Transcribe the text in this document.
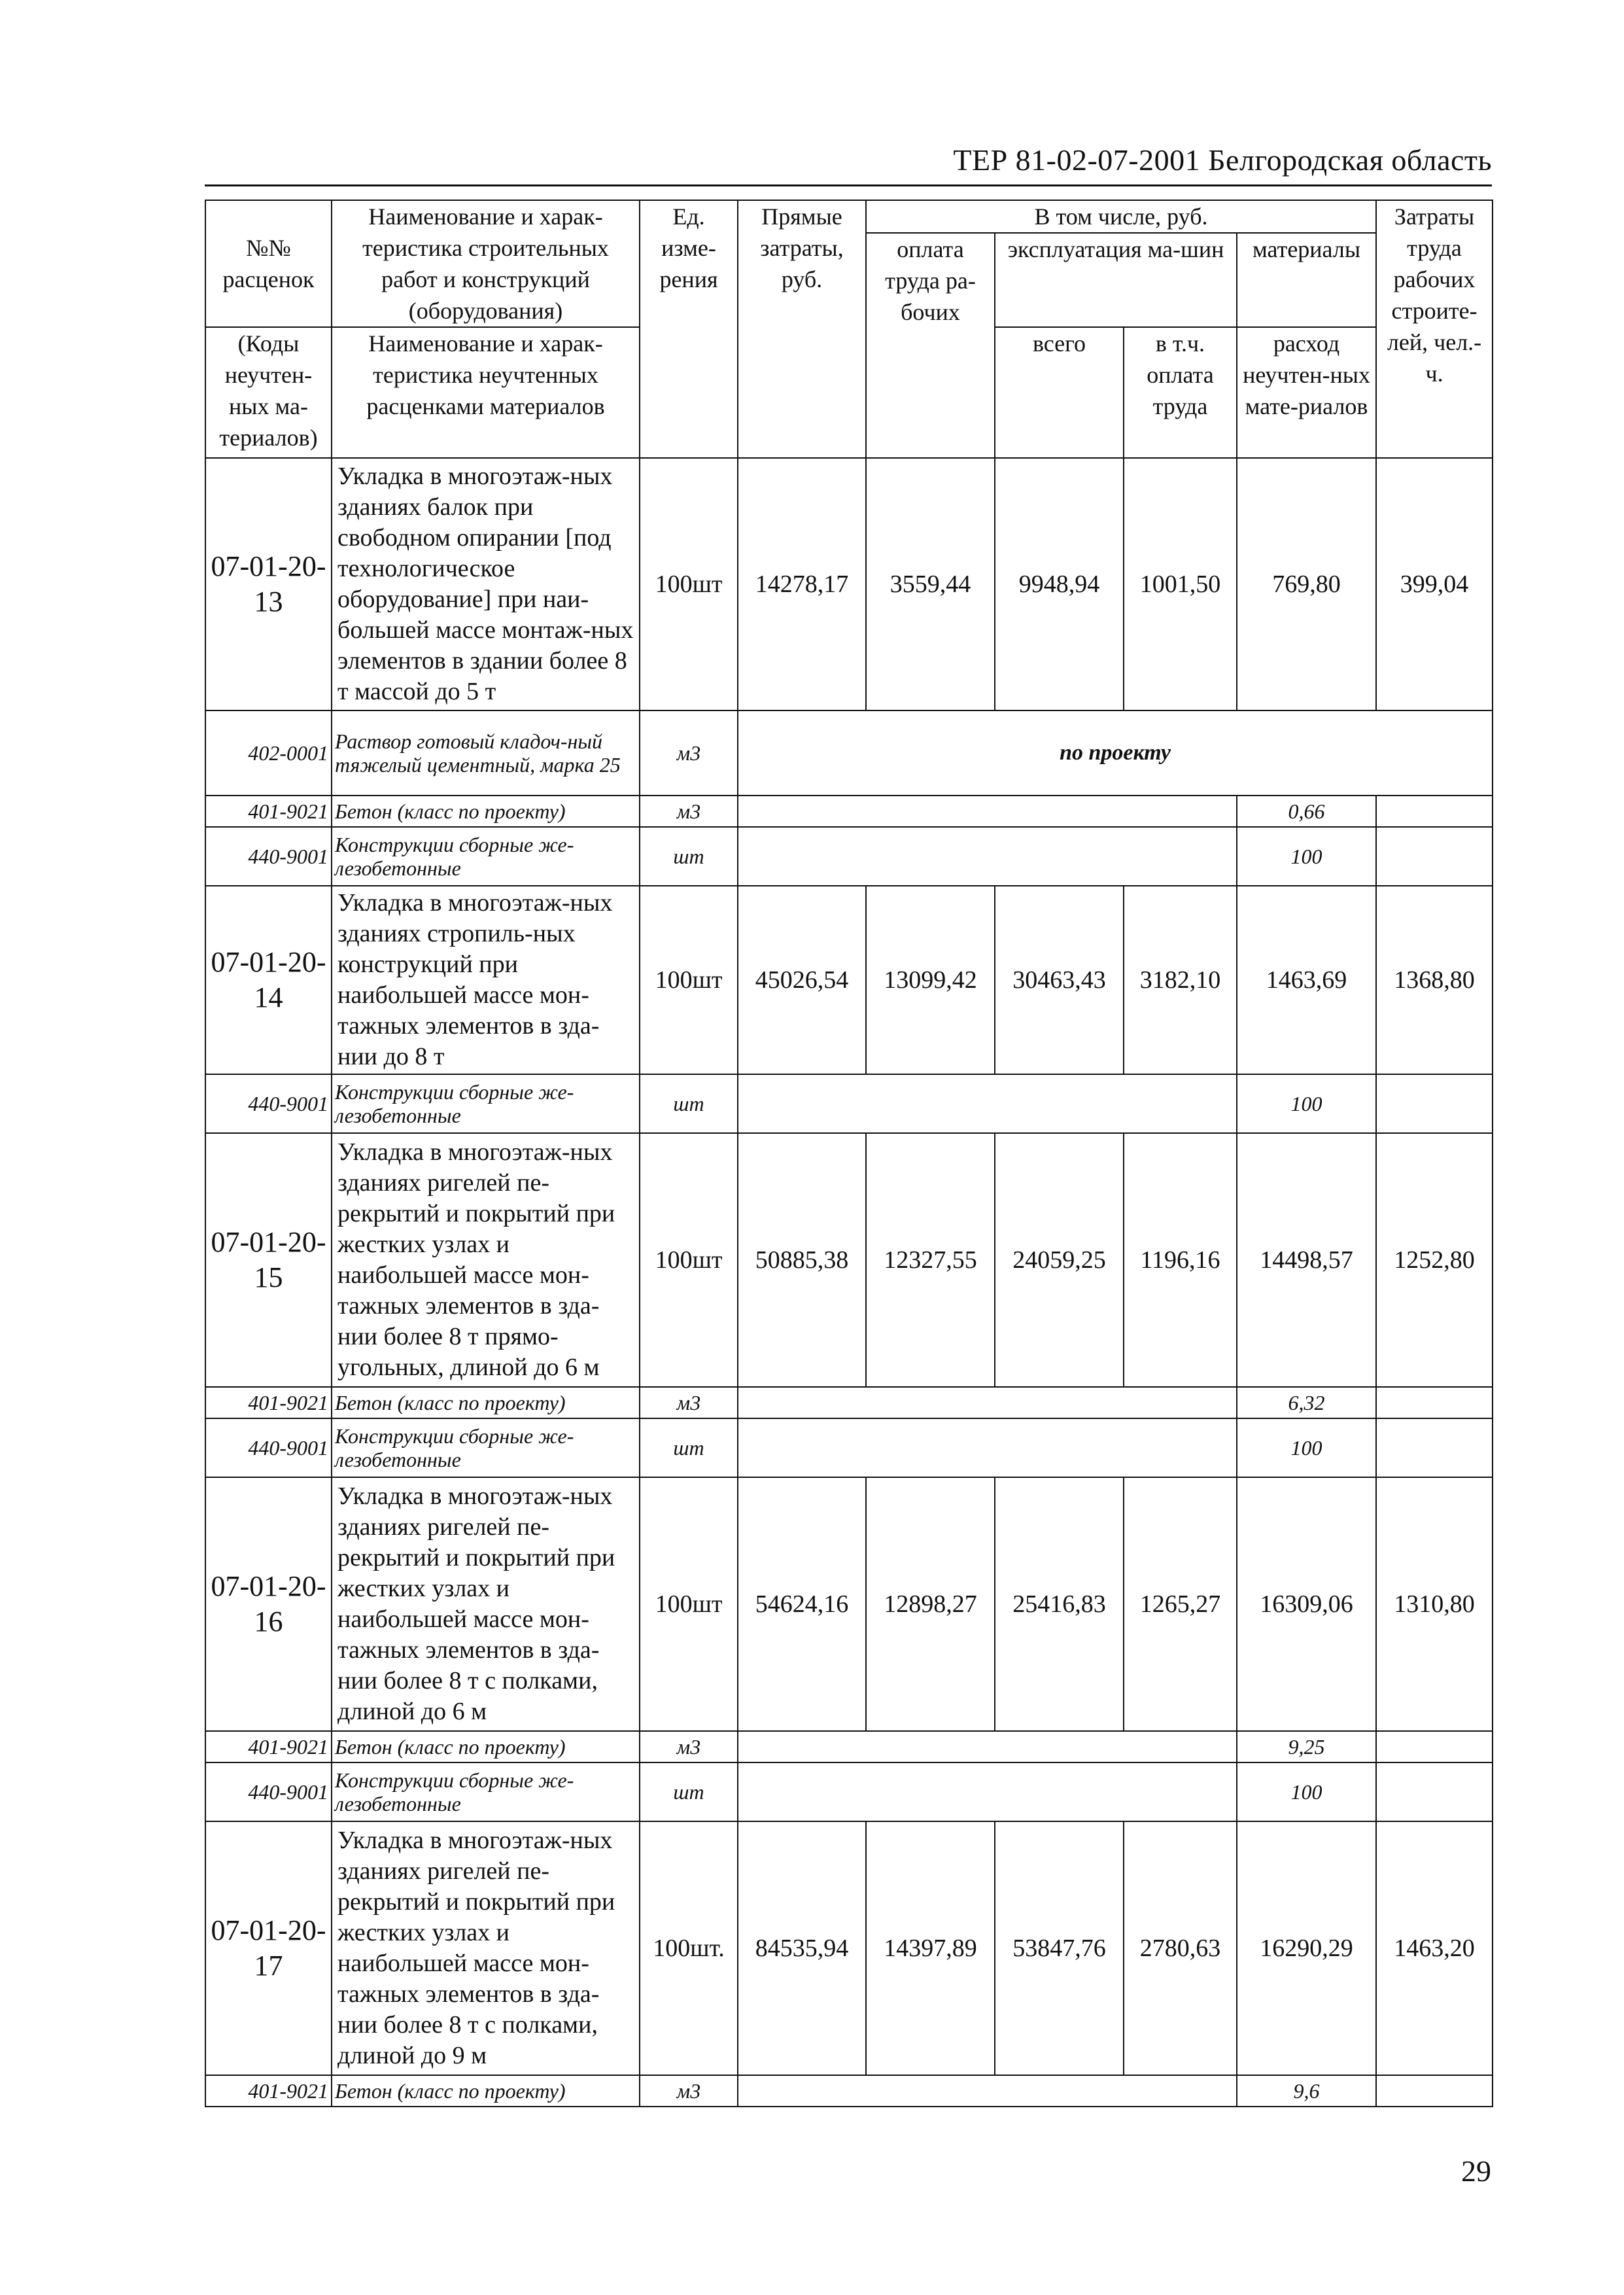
ТЕР 81-02-07-2001 Белгородская область
№№ расценок	Наименование и харак-теристика строительных работ и конструкций (оборудования)	Ед. изме-рения	Прямые затраты, руб.	В том числе, руб.				Затраты труда рабочих строите-лей, чел.-ч.
				оплата труда ра-бочих	эксплуатация ма-шин		материалы	

(Коды неучтен-ных ма-териалов)	Наименование и харак-теристика неучтенных расценками материалов				всего	в т.ч. оплата труда	расход неучтен-ных мате-риалов	

07-01-20-13	Укладка в многоэтаж-ных зданиях балок при свободном опирании [под технологическое оборудование] при наи-большей массе монтаж-ных элементов в здании более 8 т массой до 5 т	100шт	14278,17	3559,44	9948,94	1001,50	769,80	399,04
402-0001	Раствор готовый кладоч-ный тяжелый цементный, марка 25	м3	по проекту					
401-9021	Бетон (класс по проекту)	м3					0,66	
440-9001	Конструкции сборные же-лезобетонные	шт					100	
07-01-20-14	Укладка в многоэтаж-ных зданиях стропиль-ных конструкций при наибольшей массе мон-тажных элементов в зда-нии до 8 т	100шт	45026,54	13099,42	30463,43	3182,10	1463,69	1368,80
440-9001	Конструкции сборные же-лезобетонные	шт					100	
07-01-20-15	Укладка в многоэтаж-ных зданиях ригелей пе-рекрытий и покрытий при жестких узлах и наибольшей массе мон-тажных элементов в зда-нии более 8 т прямо-угольных, длиной до 6 м	100шт	50885,38	12327,55	24059,25	1196,16	14498,57	1252,80
401-9021	Бетон (класс по проекту)	м3					6,32	
440-9001	Конструкции сборные же-лезобетонные	шт					100	
07-01-20-16	Укладка в многоэтаж-ных зданиях ригелей пе-рекрытий и покрытий при жестких узлах и наибольшей массе мон-тажных элементов в зда-нии более 8 т с полками, длиной до 6 м	100шт	54624,16	12898,27	25416,83	1265,27	16309,06	1310,80
401-9021	Бетон (класс по проекту)	м3					9,25	
440-9001	Конструкции сборные же-лезобетонные	шт					100	
07-01-20-17	Укладка в многоэтаж-ных зданиях ригелей пе-рекрытий и покрытий при жестких узлах и наибольшей массе мон-тажных элементов в зда-нии более 8 т с полками, длиной до 9 м	100шт.	84535,94	14397,89	53847,76	2780,63	16290,29	1463,20
401-9021	Бетон (класс по проекту)	м3					9,6	
29
